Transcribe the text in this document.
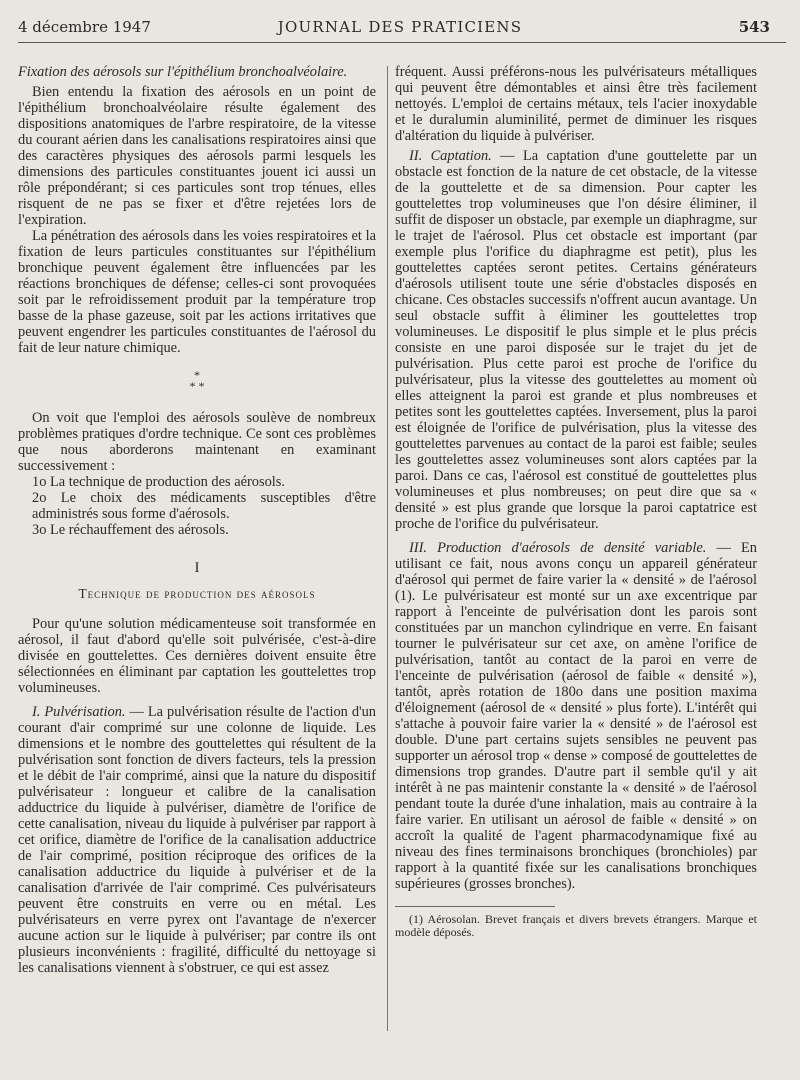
4 décembre 1947	JOURNAL DES PRATICIENS	543

Fixation des aérosols sur l'épithélium bronchoalvéolaire.

Bien entendu la fixation des aérosols en un point de l'épithélium bronchoalvéolaire résulte également des dispositions anatomiques de l'arbre respiratoire, de la vitesse du courant aérien dans les canalisations respiratoires ainsi que des caractères physiques des aérosols parmi lesquels les dimensions des particules constituantes jouent ici aussi un rôle prépondérant; si ces particules sont trop ténues, elles risquent de ne pas se fixer et d'être rejetées lors de l'expiration.

La pénétration des aérosols dans les voies respiratoires et la fixation de leurs particules constituantes sur l'épithélium bronchique peuvent également être influencées par les réactions bronchiques de défense; celles-ci sont provoquées soit par le refroidissement produit par la température trop basse de la phase gazeuse, soit par les actions irritatives que peuvent engendrer les particules constituantes de l'aérosol du fait de leur nature chimique.

*
* *

On voit que l'emploi des aérosols soulève de nombreux problèmes pratiques d'ordre technique. Ce sont ces problèmes que nous aborderons maintenant en examinant successivement :

1o La technique de production des aérosols.

2o Le choix des médicaments susceptibles d'être administrés sous forme d'aérosols.

3o Le réchauffement des aérosols.

I
Technique de production des aérosols

Pour qu'une solution médicamenteuse soit transformée en aérosol, il faut d'abord qu'elle soit pulvérisée, c'est-à-dire divisée en gouttelettes. Ces dernières doivent ensuite être sélectionnées en éliminant par captation les gouttelettes trop volumineuses.

I. Pulvérisation. — La pulvérisation résulte de l'action d'un courant d'air comprimé sur une colonne de liquide. Les dimensions et le nombre des gouttelettes qui résultent de la pulvérisation sont fonction de divers facteurs, tels la pression et le débit de l'air comprimé, ainsi que la nature du dispositif pulvérisateur : longueur et calibre de la canalisation adductrice du liquide à pulvériser, diamètre de l'orifice de cette canalisation, niveau du liquide à pulvériser par rapport à cet orifice, diamètre de l'orifice de la canalisation adductrice de l'air comprimé, position réciproque des orifices de la canalisation adductrice du liquide à pulvériser et de la canalisation d'arrivée de l'air comprimé. Ces pulvérisateurs peuvent être construits en verre ou en métal. Les pulvérisateurs en verre pyrex ont l'avantage de n'exercer aucune action sur le liquide à pulvériser; par contre ils ont plusieurs inconvénients : fragilité, difficulté du nettoyage si les canalisations viennent à s'obstruer, ce qui est assez

fréquent. Aussi préférons-nous les pulvérisateurs métalliques qui peuvent être démontables et ainsi être très facilement nettoyés. L'emploi de certains métaux, tels l'acier inoxydable et le duralumin aluminilité, permet de diminuer les risques d'altération du liquide à pulvériser.

II. Captation. — La captation d'une gouttelette par un obstacle est fonction de la nature de cet obstacle, de la vitesse de la gouttelette et de sa dimension. Pour capter les gouttelettes trop volumineuses que l'on désire éliminer, il suffit de disposer un obstacle, par exemple un diaphragme, sur le trajet de l'aérosol. Plus cet obstacle est important (par exemple plus l'orifice du diaphragme est petit), plus les gouttelettes captées seront petites. Certains générateurs d'aérosols utilisent toute une série d'obstacles disposés en chicane. Ces obstacles successifs n'offrent aucun avantage. Un seul obstacle suffit à éliminer les gouttelettes trop volumineuses. Le dispositif le plus simple et le plus précis consiste en une paroi disposée sur le trajet du jet de pulvérisation. Plus cette paroi est proche de l'orifice du pulvérisateur, plus la vitesse des gouttelettes au moment où elles atteignent la paroi est grande et plus nombreuses et petites sont les gouttelettes captées. Inversement, plus la paroi est éloignée de l'orifice de pulvérisation, plus la vitesse des gouttelettes parvenues au contact de la paroi est faible; seules les gouttelettes assez volumineuses sont alors captées par la paroi. Dans ce cas, l'aérosol est constitué de gouttelettes plus volumineuses et plus nombreuses; on peut dire que sa « densité » est plus grande que lorsque la paroi captatrice est proche de l'orifice du pulvérisateur.

III. Production d'aérosols de densité variable. — En utilisant ce fait, nous avons conçu un appareil générateur d'aérosol qui permet de faire varier la « densité » de l'aérosol (1). Le pulvérisateur est monté sur un axe excentrique par rapport à l'enceinte de pulvérisation dont les parois sont constituées par un manchon cylindrique en verre. En faisant tourner le pulvérisateur sur cet axe, on amène l'orifice de pulvérisation, tantôt au contact de la paroi en verre de l'enceinte de pulvérisation (aérosol de faible « densité »), tantôt, après rotation de 180o dans une position maxima d'éloignement (aérosol de « densité » plus forte). L'intérêt qui s'attache à pouvoir faire varier la « densité » de l'aérosol est double. D'une part certains sujets sensibles ne peuvent pas supporter un aérosol trop « dense » composé de gouttelettes de dimensions trop grandes. D'autre part il semble qu'il y ait intérêt à ne pas maintenir constante la « densité » de l'aérosol pendant toute la durée d'une inhalation, mais au contraire à la faire varier. En utilisant un aérosol de faible « densité » on accroît la qualité de l'agent pharmacodynamique fixé au niveau des fines terminaisons bronchiques (bronchioles) par rapport à la quantité fixée sur les canalisations bronchiques supérieures (grosses bronches).

(1) Aérosolan. Brevet français et divers brevets étrangers. Marque et modèle déposés.
